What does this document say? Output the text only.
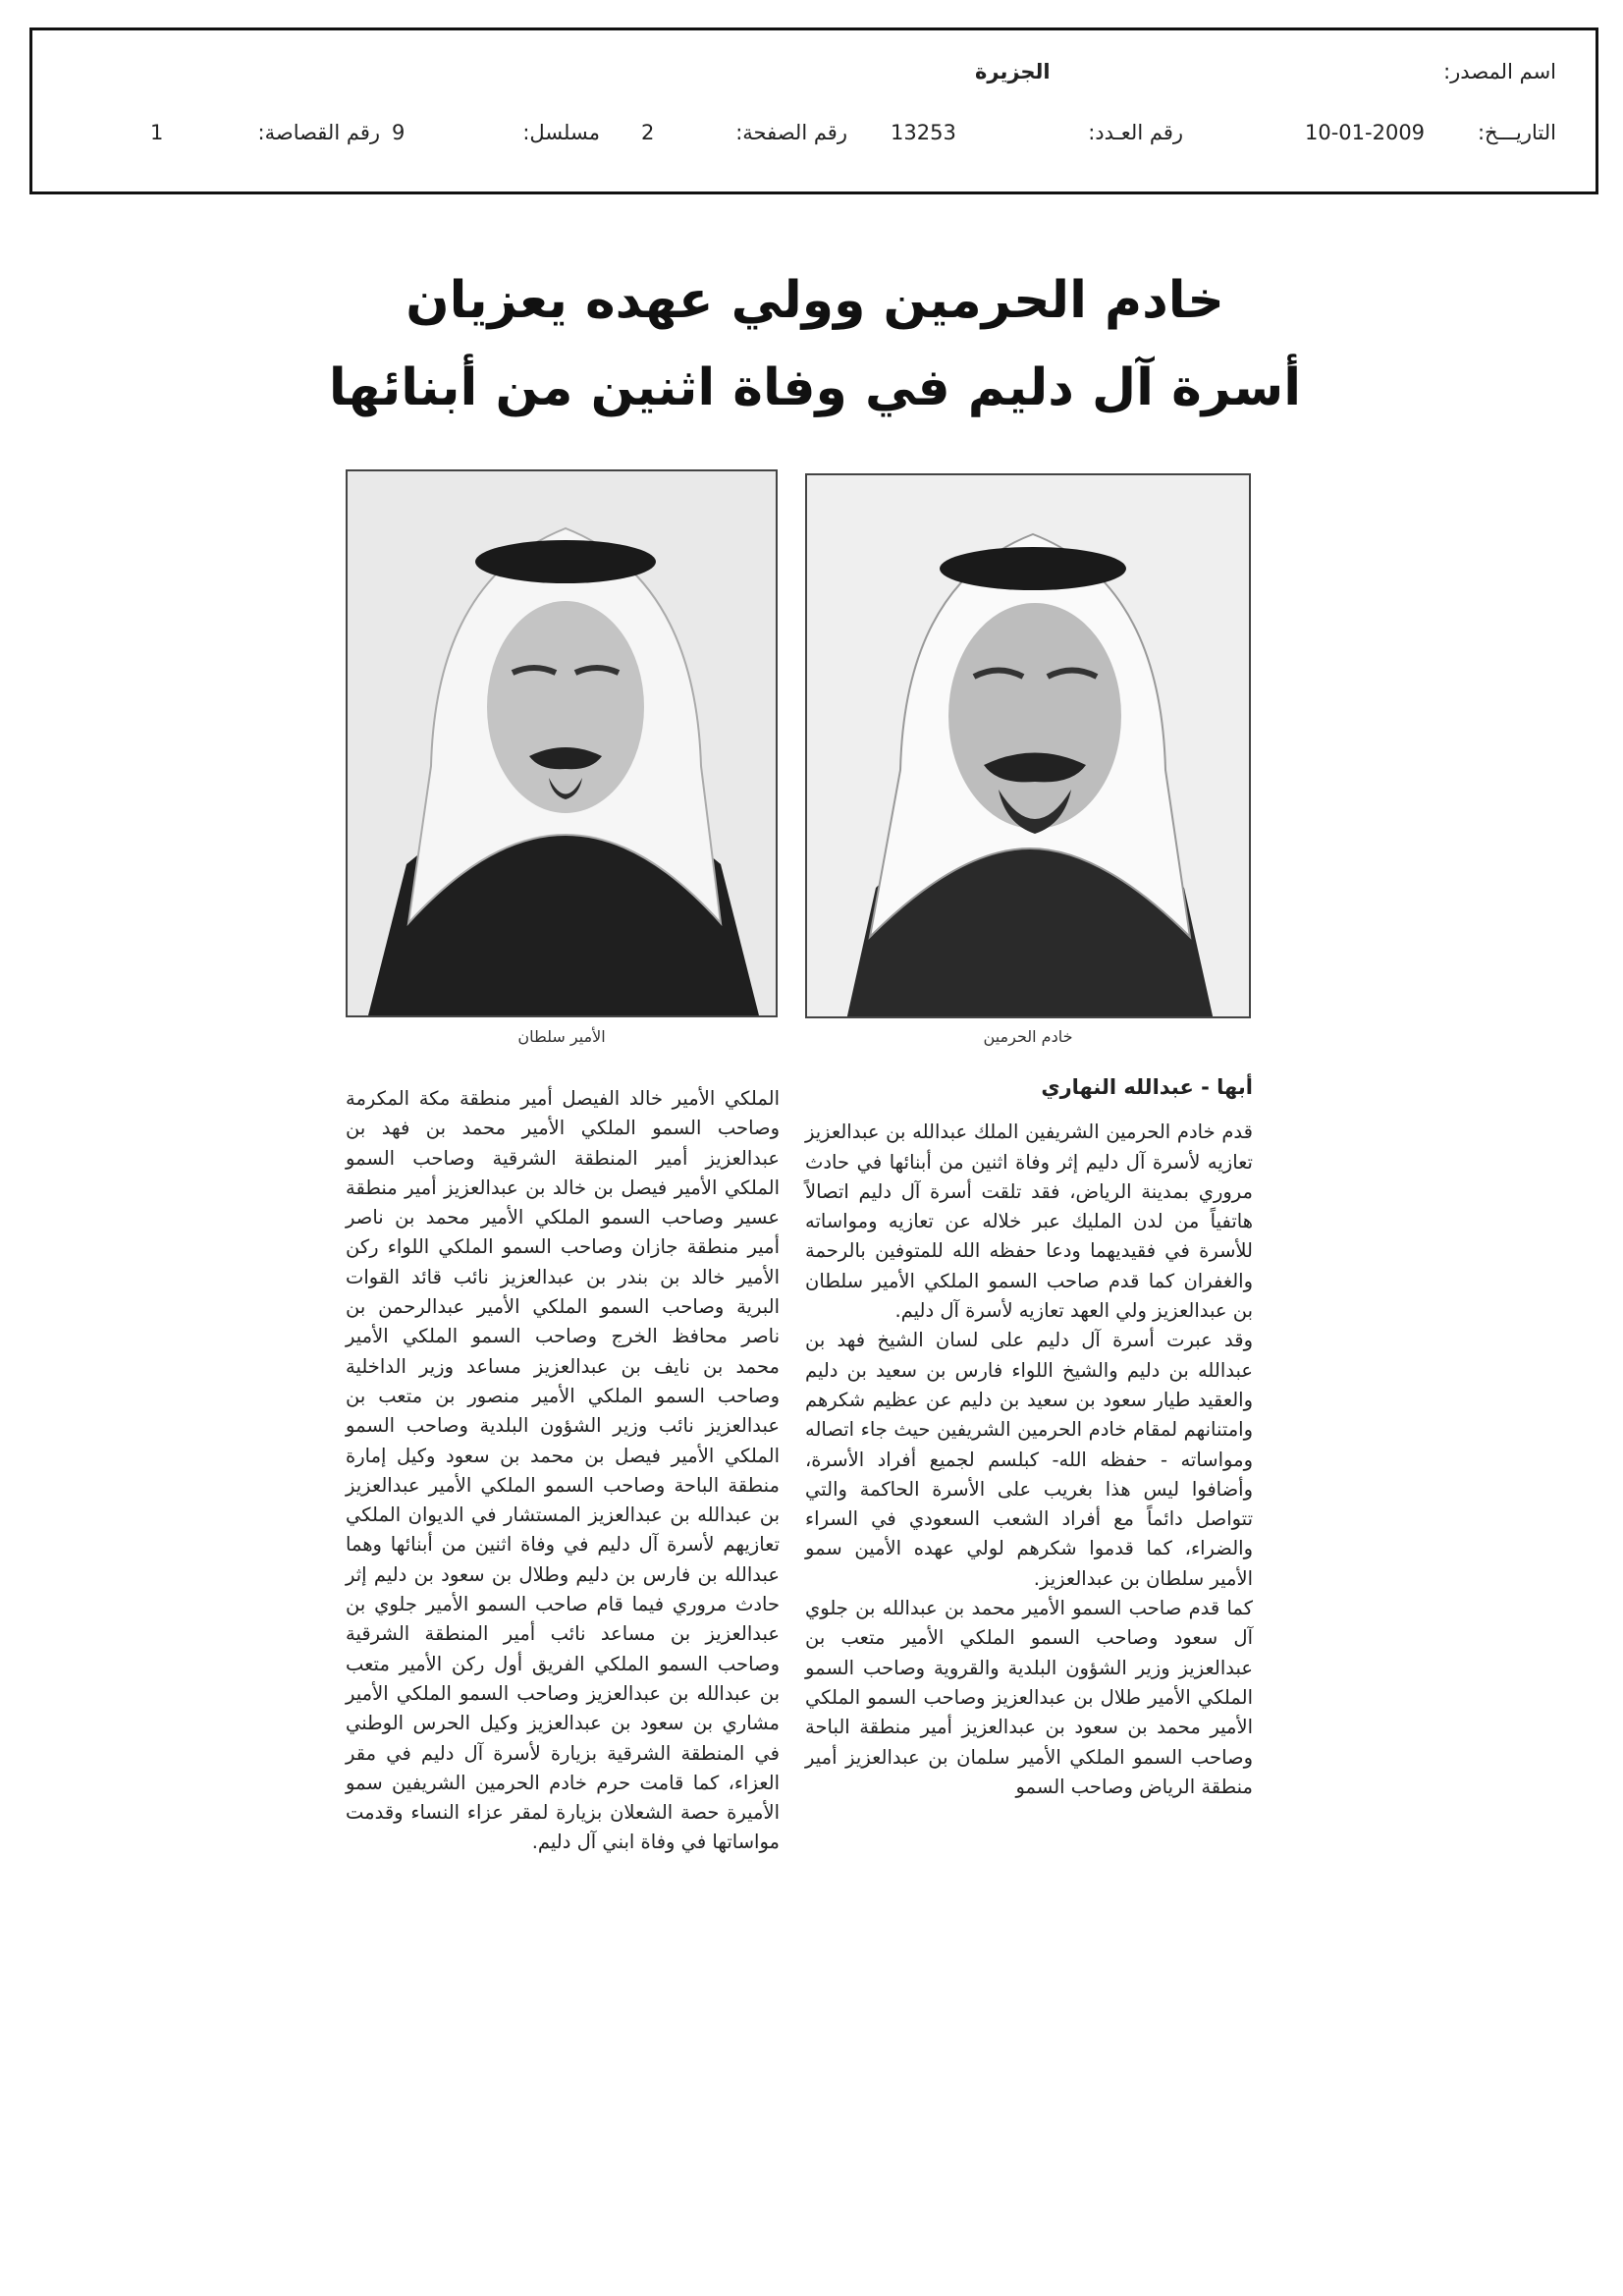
اسم المصدر:
الجزيرة
التاريـــخ:
10-01-2009
رقم العـدد:
13253
رقم الصفحة:
2
مسلسل:
9
رقم القصاصة:
1
خادم الحرمين وولي عهده يعزيان
أسرة آل دليم في وفاة اثنين من أبنائها
خادم الحرمين
الأمير سلطان

أبها - عبدالله النهاري

قدم خادم الحرمين الشريفين الملك عبدالله بن عبدالعزيز تعازيه لأسرة آل دليم إثر وفاة اثنين من أبنائها في حادث مروري بمدينة الرياض، فقد تلقت أسرة آل دليم اتصالاً هاتفياً من لدن المليك عبر خلاله عن تعازيه ومواساته للأسرة في فقيديهما ودعا حفظه الله للمتوفين بالرحمة والغفران كما قدم صاحب السمو الملكي الأمير سلطان بن عبدالعزيز ولي العهد تعازيه لأسرة آل دليم.

وقد عبرت أسرة آل دليم على لسان الشيخ فهد بن عبدالله بن دليم والشيخ اللواء فارس بن سعيد بن دليم والعقيد طيار سعود بن سعيد بن دليم عن عظيم شكرهم وامتنانهم لمقام خادم الحرمين الشريفين حيث جاء اتصاله ومواساته - حفظه الله- كبلسم لجميع أفراد الأسرة، وأضافوا ليس هذا بغريب على الأسرة الحاكمة والتي تتواصل دائماً مع أفراد الشعب السعودي في السراء والضراء، كما قدموا شكرهم لولي عهده الأمين سمو الأمير سلطان بن عبدالعزيز.

كما قدم صاحب السمو الأمير محمد بن عبدالله بن جلوي آل سعود وصاحب السمو الملكي الأمير متعب بن عبدالعزيز وزير الشؤون البلدية والقروية وصاحب السمو الملكي الأمير طلال بن عبدالعزيز وصاحب السمو الملكي الأمير محمد بن سعود بن عبدالعزيز أمير منطقة الباحة وصاحب السمو الملكي الأمير سلمان بن عبدالعزيز أمير منطقة الرياض وصاحب السمو

الملكي الأمير خالد الفيصل أمير منطقة مكة المكرمة وصاحب السمو الملكي الأمير محمد بن فهد بن عبدالعزيز أمير المنطقة الشرقية وصاحب السمو الملكي الأمير فيصل بن خالد بن عبدالعزيز أمير منطقة عسير وصاحب السمو الملكي الأمير محمد بن ناصر أمير منطقة جازان وصاحب السمو الملكي اللواء ركن الأمير خالد بن بندر بن عبدالعزيز نائب قائد القوات البرية وصاحب السمو الملكي الأمير عبدالرحمن بن ناصر محافظ الخرج وصاحب السمو الملكي الأمير محمد بن نايف بن عبدالعزيز مساعد وزير الداخلية وصاحب السمو الملكي الأمير منصور بن متعب بن عبدالعزيز نائب وزير الشؤون البلدية وصاحب السمو الملكي الأمير فيصل بن محمد بن سعود وكيل إمارة منطقة الباحة وصاحب السمو الملكي الأمير عبدالعزيز بن عبدالله بن عبدالعزيز المستشار في الديوان الملكي تعازيهم لأسرة آل دليم في وفاة اثنين من أبنائها وهما عبدالله بن فارس بن دليم وطلال بن سعود بن دليم إثر حادث مروري فيما قام صاحب السمو الأمير جلوي بن عبدالعزيز بن مساعد نائب أمير المنطقة الشرقية وصاحب السمو الملكي الفريق أول ركن الأمير متعب بن عبدالله بن عبدالعزيز وصاحب السمو الملكي الأمير مشاري بن سعود بن عبدالعزيز وكيل الحرس الوطني في المنطقة الشرقية بزيارة لأسرة آل دليم في مقر العزاء، كما قامت حرم خادم الحرمين الشريفين سمو الأميرة حصة الشعلان بزيارة لمقر عزاء النساء وقدمت مواساتها في وفاة ابني آل دليم.
